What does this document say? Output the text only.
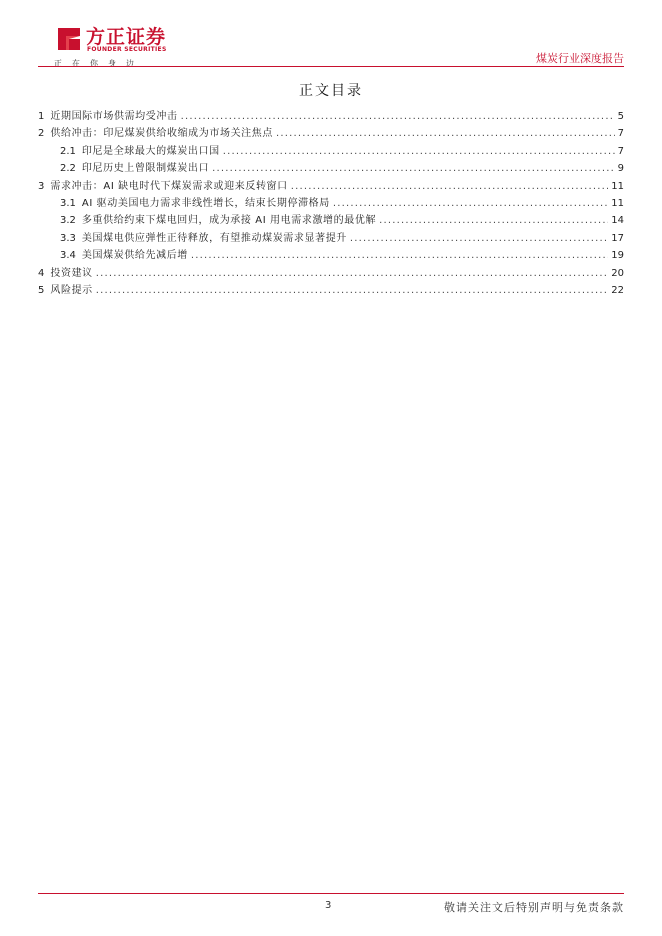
方正证券
FOUNDER SECURITIES
正在你身边	煤炭行业深度报告
正文目录
1 近期国际市场供需均受冲击 .....	5
2 供给冲击：印尼煤炭供给收缩成为市场关注焦点 .....	7
2.1 印尼是全球最大的煤炭出口国 .....	7
2.2 印尼历史上曾限制煤炭出口 .....	9
3 需求冲击：AI 缺电时代下煤炭需求或迎来反转窗口 .....	11
3.1 AI 驱动美国电力需求非线性增长，结束长期停滞格局 .....	11
3.2 多重供给约束下煤电回归，成为承接 AI 用电需求激增的最优解 .....	14
3.3 美国煤电供应弹性正待释放，有望推动煤炭需求显著提升 .....	17
3.4 美国煤炭供给先减后增 .....	19
4 投资建议 .....	20
5 风险提示 .....	22
3	敬请关注文后特别声明与免责条款
